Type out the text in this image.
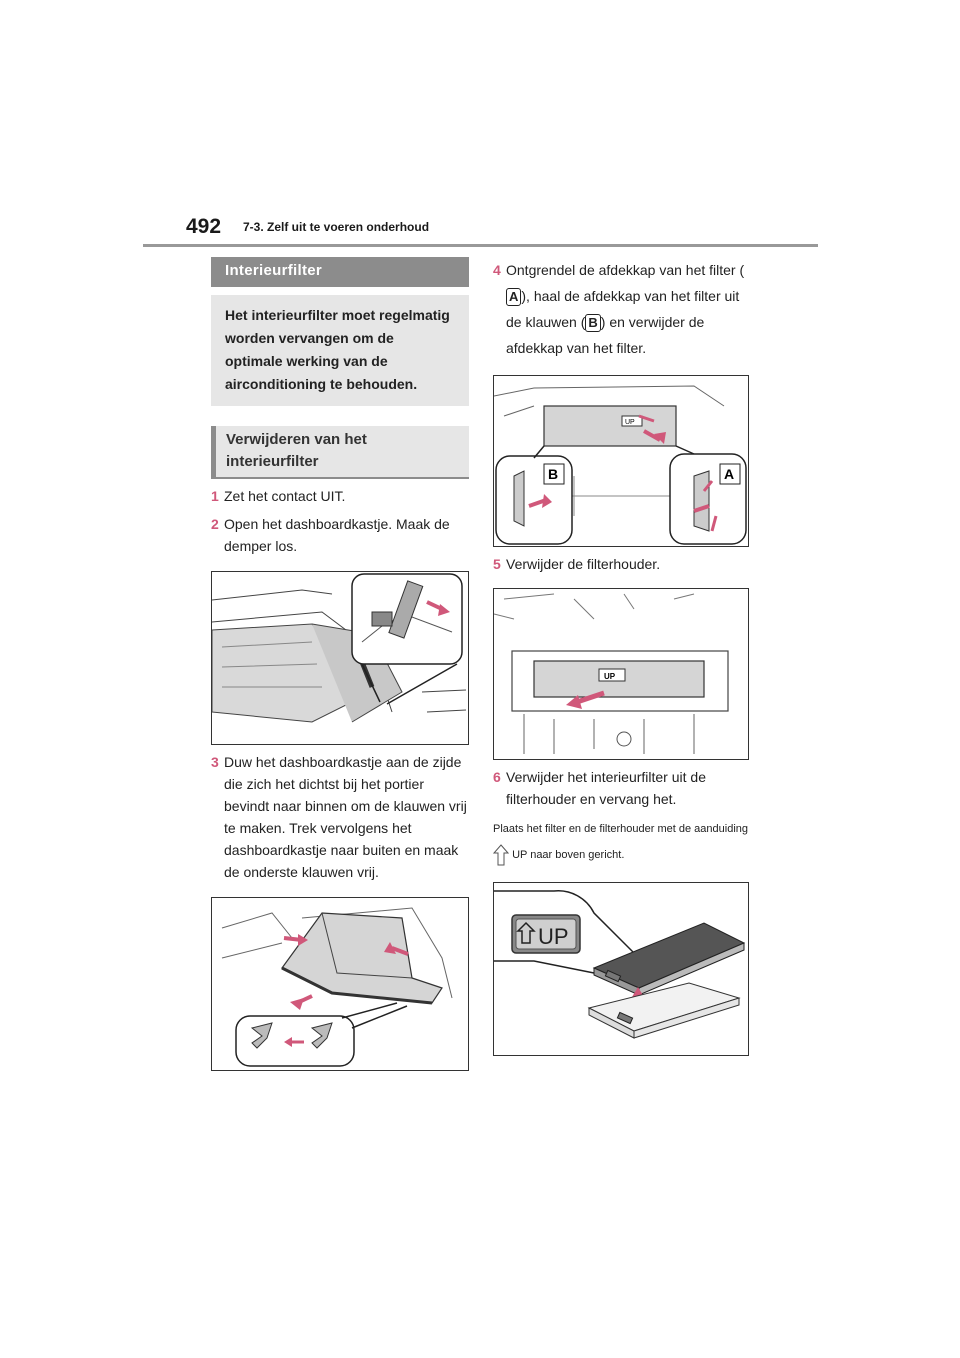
492 7-3. Zelf uit te voeren onderhoud
Interieurfilter
Het interieurfilter moet regelmatig worden vervangen om de optimale werking van de airconditioning te behouden.
Verwijderen van het interieurfilter
1 Zet het contact UIT.
2 Open het dashboardkastje. Maak de demper los.
3 Duw het dashboardkastje aan de zijde die zich het dichtst bij het portier bevindt naar binnen om de klauwen vrij te maken. Trek vervolgens het dashboardkastje naar buiten en maak de onderste klauwen vrij.
4 Ontgrendel de afdekkap van het filter (A ), haal de afdekkap van het filter uit de klauwen ( B ) en verwijder de afdekkap van het filter.
UP
B	A
5 Verwijder de filterhouder.
UP
6 Verwijder het interieurfilter uit de filterhouder en vervang het.
Plaats het filter en de filterhouder met de aanduiding  UP naar boven gericht.
UP
